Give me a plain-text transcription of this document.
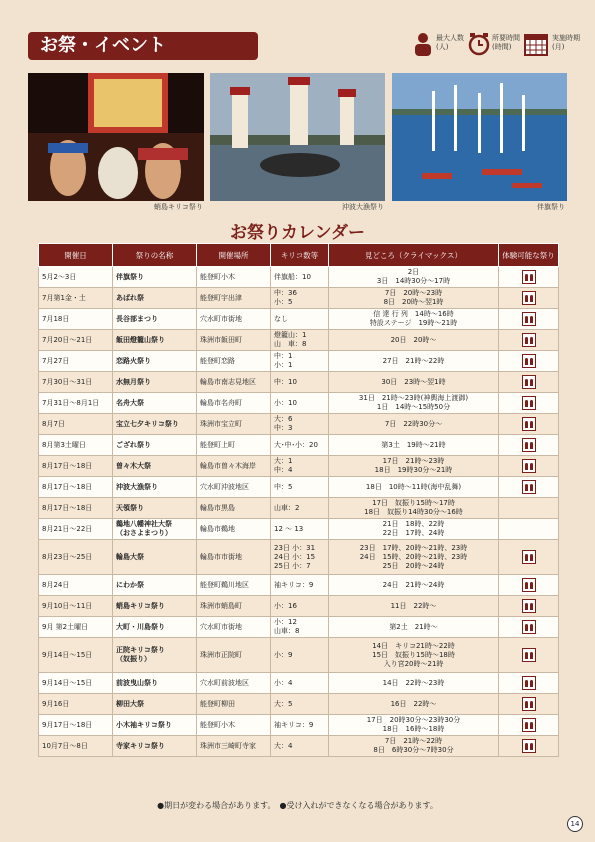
お祭・イベント	最大人数
(人)
所要時間
(時間)
実施時期
(月)
蛸島キリコ祭り	沖波大漁祭り	伴旗祭り
お祭りカレンダー
開催日	祭りの名称	開催場所	キリコ数等	見どころ（クライマックス）	体験可能な祭り
5月2〜3日	伴旗祭り	能登町小木	伴旗船：10	2日
3日　14時30分〜17時	
7月第1金・土	あばれ祭	能登町宇出津	中：36
小：5	7日　20時〜23時
8日　20時〜翌1時	
7月18日	長谷部まつり	穴水町市街地	なし	信 達 行 列　14時〜16時
特設ステージ　19時〜21時	
7月20日〜21日	飯田燈籠山祭り	珠洲市飯田町	燈籠山：1
山　車：8	20日　20時〜	
7月27日	恋路火祭り	能登町恋路	中：1
小：1	27日　21時〜22時	
7月30日〜31日	水無月祭り	輪島市南志見地区	中：10	30日　23時〜翌1時	
7月31日〜8月1日	名舟大祭	輪島市名舟町	小：10	31日　21時〜23時(神輿海上渡御)
1日　14時〜15時50分	
8月7日	宝立七夕キリコ祭り	珠洲市宝立町	大：6
中：3	7日　22時30分〜	
8月第3土曜日	ござれ祭り	能登町上町	大･中･小：20	第3土　19時〜21時	
8月17日〜18日	曽々木大祭	輪島市曽々木海岸	大：1
中：4	17日　21時〜23時
18日　19時30分〜21時	
8月17日〜18日	沖波大漁祭り	穴水町沖波地区	中：5	18日　10時〜11時(海中乱舞)	
8月17日〜18日	天領祭り	輪島市黒島	山車：2	17日　奴振り15時〜17時
18日　奴振り14時30分〜16時	
8月21日〜22日	鵜地八幡神社大祭
（おさよまつり）	輪島市鵜地	12 〜 13	21日　18時、22時
22日　17時、24時	
8月23日〜25日	輪島大祭	輪島市市街地	23日 小：31
24日 小：15
25日 小：7	23日　17時、20時〜21時、23時
24日　15時、20時〜21時、23時
25日　20時〜24時	
8月24日	にわか祭	能登町鵜川地区	袖キリコ：9	24日　21時〜24時	
9月10日〜11日	蛸島キリコ祭り	珠洲市蛸島町	小：16	11日　22時〜	
9月 第2土曜日	大町・川島祭り	穴水町市街地	小：12
山車：8	第2土　21時〜	
9月14日〜15日	正院キリコ祭り
（奴振り）	珠洲市正院町	小：9	14日　キリコ21時〜22時
15日　奴振り15時〜18時
入り宮20時〜21時	
9月14日〜15日	前波曳山祭り	穴水町前波地区	小：4	14日　22時〜23時	
9月16日	柳田大祭	能登町柳田	大：5	16日　22時〜	
9月17日〜18日	小木袖キリコ祭り	能登町小木	袖キリコ：9	17日　20時30分〜23時30分
18日　16時〜18時	
10月7日〜8日	寺家キリコ祭り	珠洲市三崎町寺家	大：4	7日　21時〜22時
8日　6時30分〜7時30分	
●期日が変わる場合があります。　●受け入れができなくなる場合があります。
14
